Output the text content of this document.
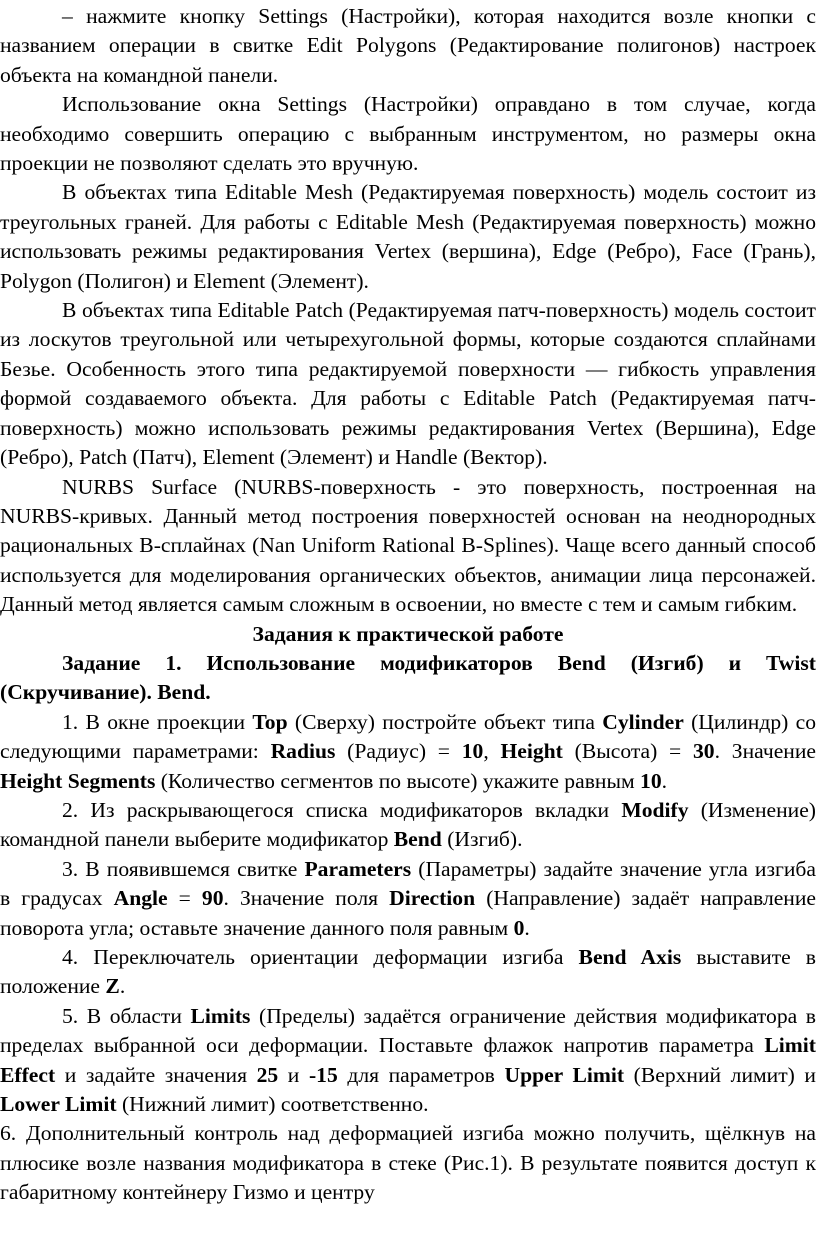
– нажмите кнопку Settings (Настройки), которая находится возле кнопки с названием операции в свитке Edit Polygons (Редактирование полигонов) настроек объекта на командной панели.

Использование окна Settings (Настройки) оправдано в том случае, когда необходимо совершить операцию с выбранным инструментом, но размеры окна проекции не позволяют сделать это вручную.

В объектах типа Editable Mesh (Редактируемая поверхность) модель состоит из треугольных граней. Для работы с Editable Mesh (Редактируемая поверхность) можно использовать режимы редактирования Vertex (вершина), Edge (Ребро), Face (Грань), Polygon (Полигон) и Element (Элемент).

В объектах типа Editable Patch (Редактируемая патч-поверхность) модель состоит из лоскутов треугольной или четырехугольной формы, которые создаются сплайнами Безье. Особенность этого типа редактируемой поверхности — гибкость управления формой создаваемого объекта. Для работы с Editable Patch (Редактируемая патч-поверхность) можно использовать режимы редактирования Vertex (Вершина), Edge (Ребро), Patch (Патч), Element (Элемент) и Handle (Вектор).

NURBS Surface (NURBS-поверхность - это поверхность, построенная на NURBS-кривых. Данный метод построения поверхностей основан на неоднородных рациональных В-сплайнах (Nan Uniform Rational B-Splines). Чаще всего данный способ используется для моделирования органических объектов, анимации лица персонажей. Данный метод является самым сложным в освоении, но вместе с тем и самым гибким.

Задания к практической работе

Задание 1. Использование модификаторов Bend (Изгиб) и Twist (Скручивание). Bend.

1. В окне проекции Top (Сверху) постройте объект типа Cylinder (Цилиндр) со следующими параметрами: Radius (Радиус) = 10, Height (Высота) = 30. Значение Height Segments (Количество сегментов по высоте) укажите равным 10.

2. Из раскрывающегося списка модификаторов вкладки Modify (Изменение) командной панели выберите модификатор Bend (Изгиб).

3. В появившемся свитке Parameters (Параметры) задайте значение угла изгиба в градусах Angle = 90. Значение поля Direction (Направление) задаёт направление поворота угла; оставьте значение данного поля равным 0.

4. Переключатель ориентации деформации изгиба Bend Axis выставите в положение Z.

5. В области Limits (Пределы) задаётся ограничение действия модификатора в пределах выбранной оси деформации. Поставьте флажок напротив параметра Limit Effect и задайте значения 25 и -15 для параметров Upper Limit (Верхний лимит) и Lower Limit (Нижний лимит) соответственно.

6. Дополнительный контроль над деформацией изгиба можно получить, щёлкнув на плюсике возле названия модификатора в стеке (Рис.1). В результате появится доступ к габаритному контейнеру Гизмо и центру
